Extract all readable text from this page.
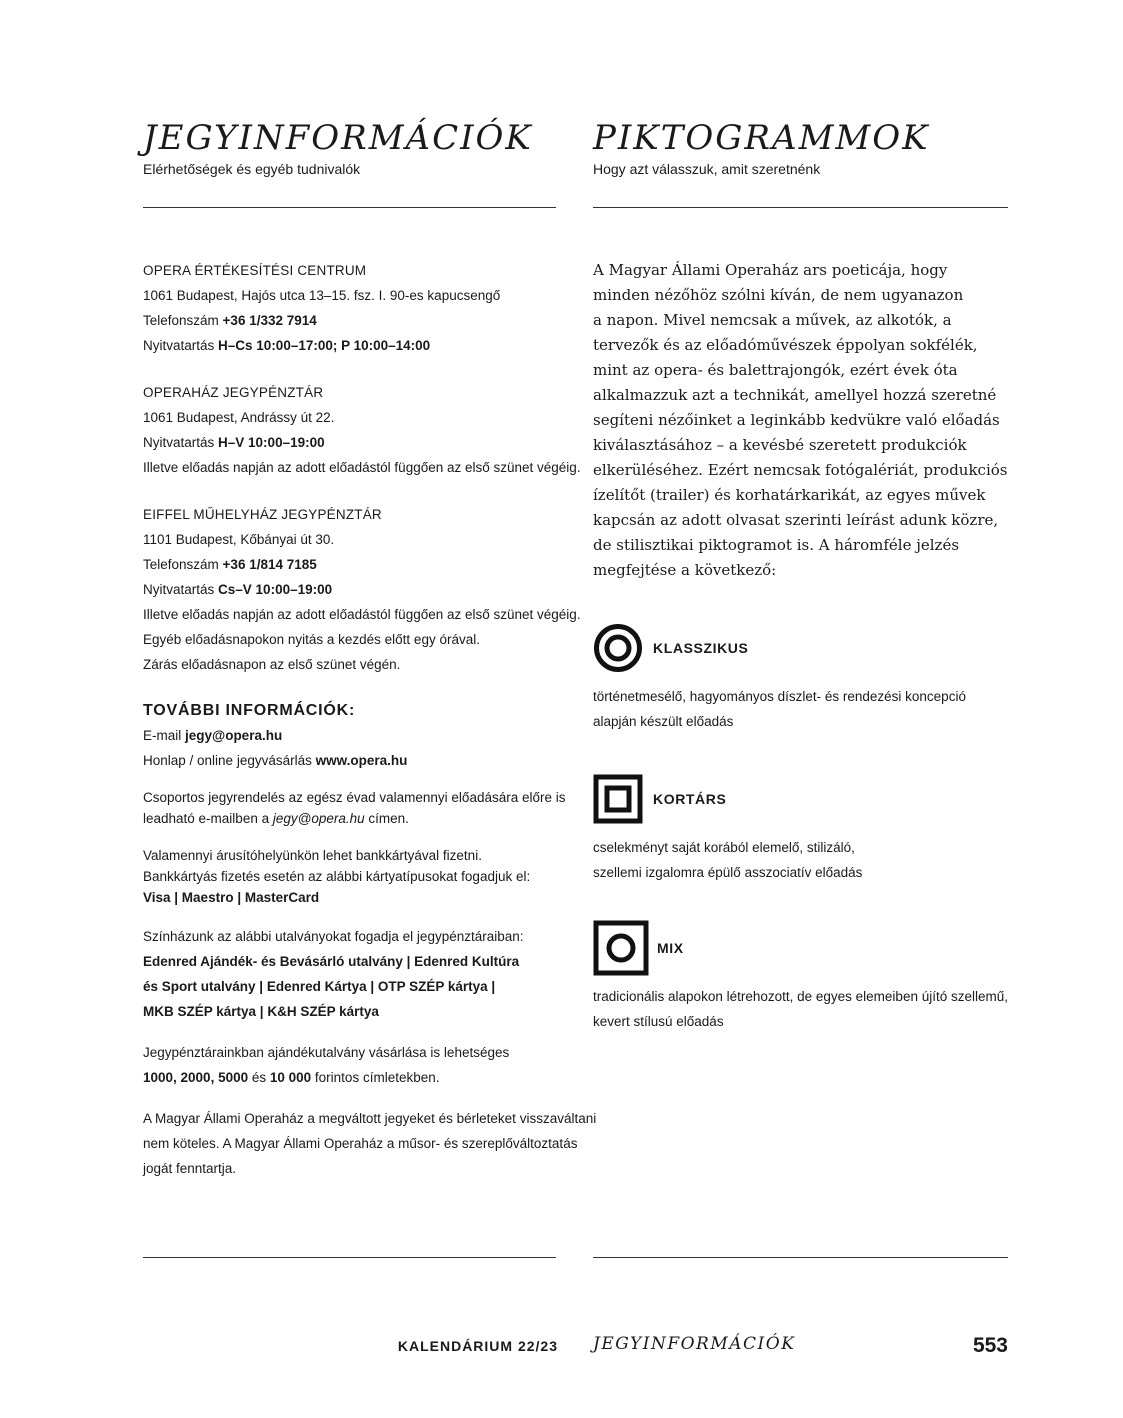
JEGYINFORMÁCIÓK

Elérhetőségek és egyéb tudnivalók

OPERA ÉRTÉKESÍTÉSI CENTRUM
1061 Budapest, Hajós utca 13–15. fsz. I. 90-es kapucsengő
Telefonszám +36 1/332 7914
Nyitvatartás H–Cs 10:00–17:00; P 10:00–14:00
OPERAHÁZ JEGYPÉNZTÁR
1061 Budapest, Andrássy út 22.
Nyitvatartás H–V 10:00–19:00
Illetve előadás napján az adott előadástól függően az első szünet végéig.
EIFFEL MŰHELYHÁZ JEGYPÉNZTÁR
1101 Budapest, Kőbányai út 30.
Telefonszám +36 1/814 7185
Nyitvatartás Cs–V 10:00–19:00
Illetve előadás napján az adott előadástól függően az első szünet végéig.
Egyéb előadásnapokon nyitás a kezdés előtt egy órával.
Zárás előadásnapon az első szünet végén.
TOVÁBBI INFORMÁCIÓK:
E-mail jegy@opera.hu
Honlap / online jegyvásárlás www.opera.hu
Csoportos jegyrendelés az egész évad valamennyi előadására előre is
leadható e-mailben a jegy@opera.hu címen.
Valamennyi árusítóhelyünkön lehet bankkártyával fizetni.
Bankkártyás fizetés esetén az alábbi kártyatípusokat fogadjuk el:
Visa | Maestro | MasterCard
Színházunk az alábbi utalványokat fogadja el jegypénztáraiban:
Edenred Ajándék- és Bevásárló utalvány | Edenred Kultúra
és Sport utalvány | Edenred Kártya | OTP SZÉP kártya |
MKB SZÉP kártya | K&H SZÉP kártya
Jegypénztárainkban ajándékutalvány vásárlása is lehetséges
1000, 2000, 5000 és 10 000 forintos címletekben.
A Magyar Állami Operaház a megváltott jegyeket és bérleteket visszaváltani
nem köteles. A Magyar Állami Operaház a műsor- és szereplőváltoztatás
jogát fenntartja.
PIKTOGRAMMOK

Hogy azt válasszuk, amit szeretnénk

A Magyar Állami Operaház ars poeticája, hogy
minden nézőhöz szólni kíván, de nem ugyanazon
a napon. Mivel nemcsak a művek, az alkotók, a
tervezők és az előadóművészek éppolyan sokfélék,
mint az opera- és balettrajongók, ezért évek óta
alkalmazzuk azt a technikát, amellyel hozzá szeretné
segíteni nézőinket a leginkább kedvükre való előadás
kiválasztásához – a kevésbé szeretett produkciók
elkerüléséhez. Ezért nemcsak fotógalériát, produkciós
ízelítőt (trailer) és korhatárkarikát, az egyes művek
kapcsán az adott olvasat szerinti leírást adunk közre,
de stilisztikai piktogramot is. A háromféle jelzés
megfejtése a következő:

KLASSZIKUS
történetmesélő, hagyományos díszlet- és rendezési koncepció
alapján készült előadás
KORTÁRS
cselekményt saját korából elemelő, stilizáló,
szellemi izgalomra épülő asszociatív előadás
MIX
tradicionális alapokon létrehozott, de egyes elemeiben újító szellemű,
kevert stílusú előadás
KALENDÁRIUM 22/23 JEGYINFORMÁCIÓK	553
